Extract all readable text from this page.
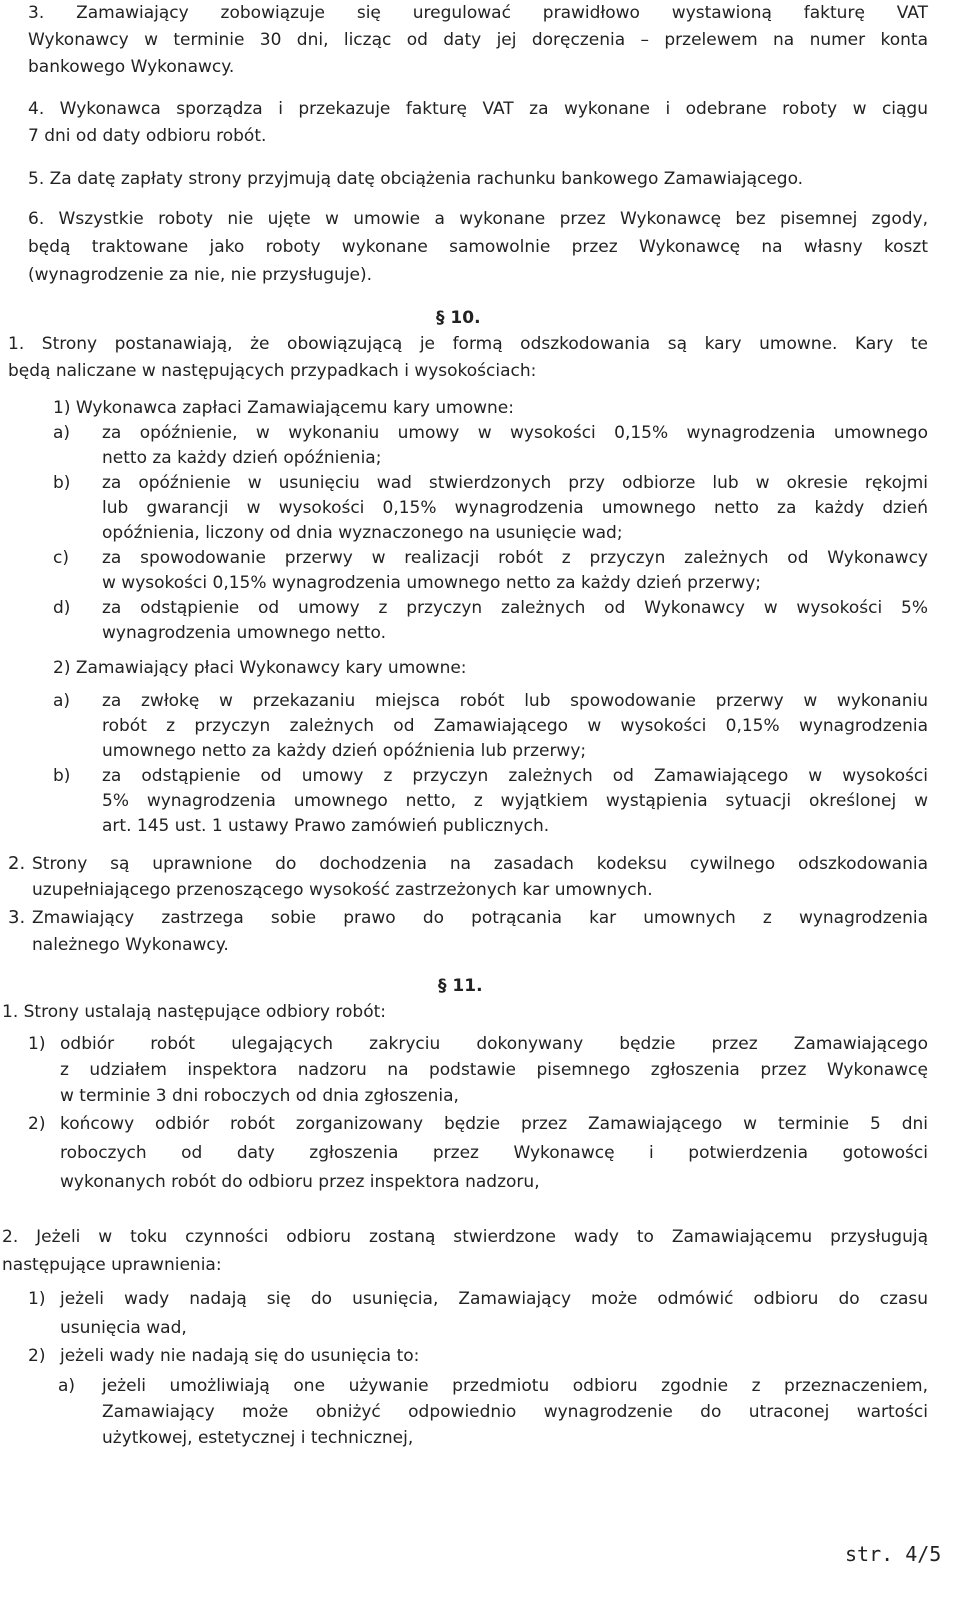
3. Zamawiający zobowiązuje się uregulować prawidłowo wystawioną fakturę VAT
Wykonawcy w terminie 30 dni, licząc od daty jej doręczenia – przelewem na numer konta
bankowego Wykonawcy.
4. Wykonawca sporządza i przekazuje fakturę VAT za wykonane i odebrane roboty w ciągu
7 dni od daty odbioru robót.
5. Za datę zapłaty strony przyjmują datę obciążenia rachunku bankowego Zamawiającego.
6. Wszystkie roboty nie ujęte w umowie a wykonane przez Wykonawcę bez pisemnej zgody,
będą traktowane jako roboty wykonane samowolnie przez Wykonawcę na własny koszt
(wynagrodzenie za nie, nie przysługuje).
§ 10.
1. Strony postanawiają, że obowiązującą je formą odszkodowania są kary umowne. Kary te
będą naliczane w następujących przypadkach i wysokościach:
1) Wykonawca zapłaci Zamawiającemu kary umowne:
a) za opóźnienie, w wykonaniu umowy w wysokości 0,15% wynagrodzenia umownego
netto za każdy dzień opóźnienia;
b) za opóźnienie w usunięciu wad stwierdzonych przy odbiorze lub w okresie rękojmi
lub gwarancji w wysokości 0,15% wynagrodzenia umownego netto za każdy dzień
opóźnienia, liczony od dnia wyznaczonego na usunięcie wad;
c) za spowodowanie przerwy w realizacji robót z przyczyn zależnych od Wykonawcy
w wysokości 0,15% wynagrodzenia umownego netto za każdy dzień przerwy;
d) za odstąpienie od umowy z przyczyn zależnych od Wykonawcy w wysokości 5%
wynagrodzenia umownego netto.
2) Zamawiający płaci Wykonawcy kary umowne:
a) za zwłokę w przekazaniu miejsca robót lub spowodowanie przerwy w wykonaniu
robót z przyczyn zależnych od Zamawiającego w wysokości 0,15% wynagrodzenia
umownego netto za każdy dzień opóźnienia lub przerwy;
b) za odstąpienie od umowy z przyczyn zależnych od Zamawiającego w wysokości
5% wynagrodzenia umownego netto, z wyjątkiem wystąpienia sytuacji określonej w
art. 145 ust. 1 ustawy Prawo zamówień publicznych.
2. Strony są uprawnione do dochodzenia na zasadach kodeksu cywilnego odszkodowania
uzupełniającego przenoszącego wysokość zastrzeżonych kar umownych.
3. Zmawiający zastrzega sobie prawo do potrącania kar umownych z wynagrodzenia
należnego Wykonawcy.
§ 11.
1. Strony ustalają następujące odbiory robót:
1) odbiór robót ulegających zakryciu dokonywany będzie przez Zamawiającego
z udziałem inspektora nadzoru na podstawie pisemnego zgłoszenia przez Wykonawcę
w terminie 3 dni roboczych od dnia zgłoszenia,
2) końcowy odbiór robót zorganizowany będzie przez Zamawiającego w terminie 5 dni
roboczych od daty zgłoszenia przez Wykonawcę i potwierdzenia gotowości
wykonanych robót do odbioru przez inspektora nadzoru,
2. Jeżeli w toku czynności odbioru zostaną stwierdzone wady to Zamawiającemu przysługują
następujące uprawnienia:
1) jeżeli wady nadają się do usunięcia, Zamawiający może odmówić odbioru do czasu
usunięcia wad,
2) jeżeli wady nie nadają się do usunięcia to:
a) jeżeli umożliwiają one używanie przedmiotu odbioru zgodnie z przeznaczeniem,
Zamawiający może obniżyć odpowiednio wynagrodzenie do utraconej wartości
użytkowej, estetycznej i technicznej,
str. 4/5
